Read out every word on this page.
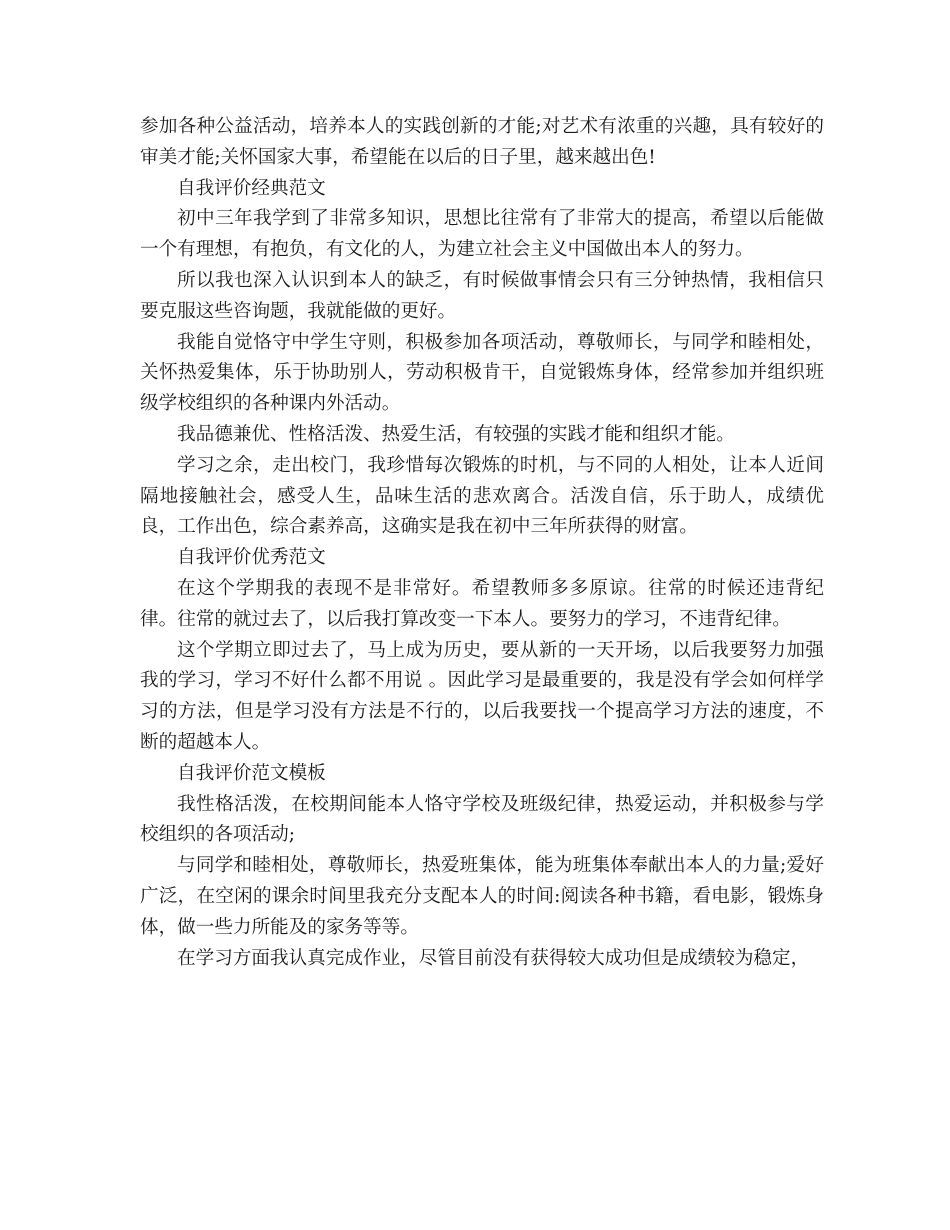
参加各种公益活动，培养本人的实践创新的才能;对艺术有浓重的兴趣，具有较好的审美才能;关怀国家大事，希望能在以后的日子里，越来越出色!

自我评价经典范文

初中三年我学到了非常多知识，思想比往常有了非常大的提高，希望以后能做一个有理想，有抱负，有文化的人，为建立社会主义中国做出本人的努力。

所以我也深入认识到本人的缺乏，有时候做事情会只有三分钟热情，我相信只要克服这些咨询题，我就能做的更好。

我能自觉恪守中学生守则，积极参加各项活动，尊敬师长，与同学和睦相处，关怀热爱集体，乐于协助别人，劳动积极肯干，自觉锻炼身体，经常参加并组织班级学校组织的各种课内外活动。

我品德兼优、性格活泼、热爱生活，有较强的实践才能和组织才能。

学习之余，走出校门，我珍惜每次锻炼的时机，与不同的人相处，让本人近间隔地接触社会，感受人生，品味生活的悲欢离合。活泼自信，乐于助人，成绩优良，工作出色，综合素养高，这确实是我在初中三年所获得的财富。

自我评价优秀范文

在这个学期我的表现不是非常好。希望教师多多原谅。往常的时候还违背纪律。往常的就过去了，以后我打算改变一下本人。要努力的学习，不违背纪律。

这个学期立即过去了，马上成为历史，要从新的一天开场，以后我要努力加强我的学习，学习不好什么都不用说 。因此学习是最重要的，我是没有学会如何样学习的方法，但是学习没有方法是不行的，以后我要找一个提高学习方法的速度，不断的超越本人。

自我评价范文模板

我性格活泼，在校期间能本人恪守学校及班级纪律，热爱运动，并积极参与学校组织的各项活动;

与同学和睦相处，尊敬师长，热爱班集体，能为班集体奉献出本人的力量;爱好广泛，在空闲的课余时间里我充分支配本人的时间:阅读各种书籍，看电影，锻炼身体，做一些力所能及的家务等等。

在学习方面我认真完成作业，尽管目前没有获得较大成功但是成绩较为稳定，
